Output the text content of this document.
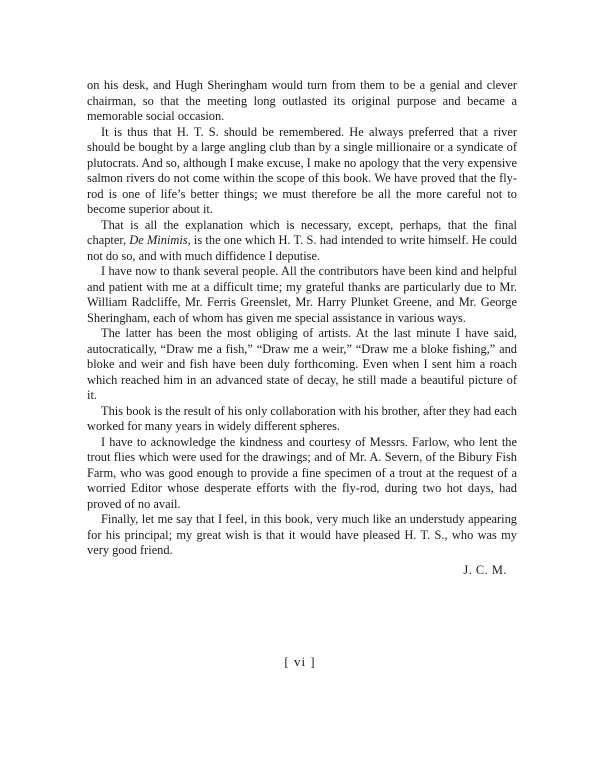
on his desk, and Hugh Sheringham would turn from them to be a genial and clever chairman, so that the meeting long outlasted its original purpose and became a memorable social occasion.

It is thus that H. T. S. should be remembered. He always preferred that a river should be bought by a large angling club than by a single millionaire or a syndicate of plutocrats. And so, although I make excuse, I make no apology that the very expensive salmon rivers do not come within the scope of this book. We have proved that the fly-rod is one of life’s better things; we must therefore be all the more careful not to become superior about it.

That is all the explanation which is necessary, except, perhaps, that the final chapter, De Minimis, is the one which H. T. S. had intended to write himself. He could not do so, and with much diffidence I deputise.

I have now to thank several people. All the contributors have been kind and helpful and patient with me at a difficult time; my grateful thanks are particularly due to Mr. William Radcliffe, Mr. Ferris Greenslet, Mr. Harry Plunket Greene, and Mr. George Sheringham, each of whom has given me special assistance in various ways.

The latter has been the most obliging of artists. At the last minute I have said, autocratically, “Draw me a fish,” “Draw me a weir,” “Draw me a bloke fishing,” and bloke and weir and fish have been duly forthcoming. Even when I sent him a roach which reached him in an advanced state of decay, he still made a beautiful picture of it.

This book is the result of his only collaboration with his brother, after they had each worked for many years in widely different spheres.

I have to acknowledge the kindness and courtesy of Messrs. Farlow, who lent the trout flies which were used for the drawings; and of Mr. A. Severn, of the Bibury Fish Farm, who was good enough to provide a fine specimen of a trout at the request of a worried Editor whose desperate efforts with the fly-rod, during two hot days, had proved of no avail.

Finally, let me say that I feel, in this book, very much like an understudy appearing for his principal; my great wish is that it would have pleased H. T. S., who was my very good friend.

J. C. M.

[ vi ]
